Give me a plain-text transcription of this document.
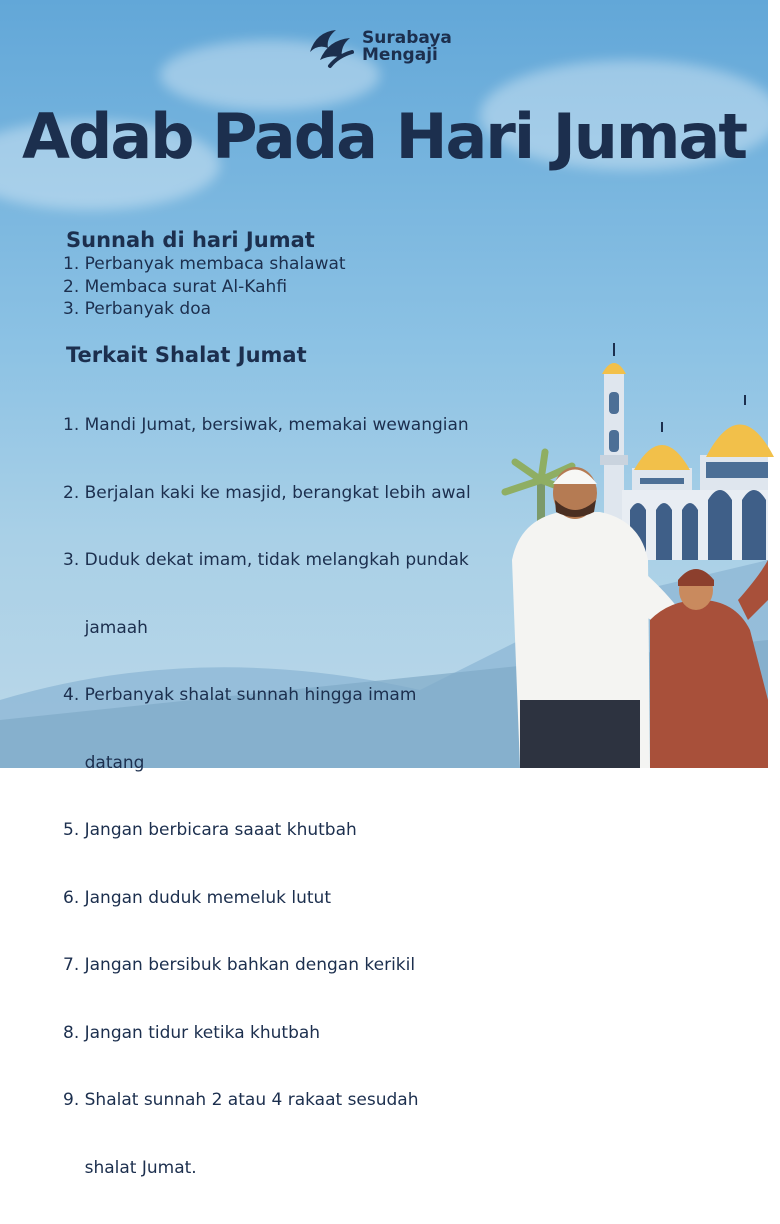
Surabaya
Mengaji
Adab Pada Hari Jumat
Sunnah di hari Jumat
1. Perbanyak membaca shalawat
2. Membaca surat Al-Kahfi
3. Perbanyak doa
Terkait Shalat Jumat

1. Mandi Jumat, bersiwak, memakai wewangian

2. Berjalan kaki ke masjid, berangkat lebih awal

3. Duduk dekat imam, tidak melangkah pundak

jamaah

4. Perbanyak shalat sunnah hingga imam

datang

5. Jangan berbicara saaat khutbah

6. Jangan duduk memeluk lutut

7. Jangan bersibuk bahkan dengan kerikil

8. Jangan tidur ketika khutbah

9. Shalat sunnah 2 atau 4 rakaat sesudah

shalat Jumat.
